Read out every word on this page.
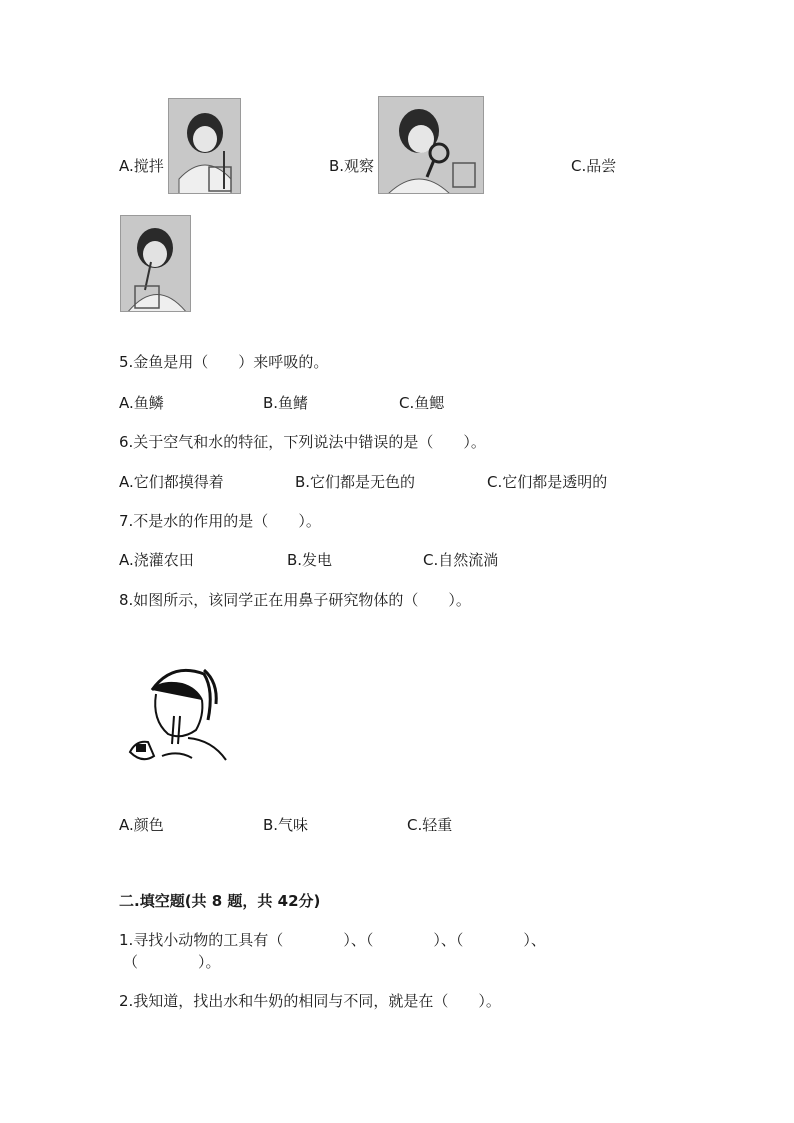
A.搅拌	B.观察	C.品尝
5.金鱼是用（　　）来呼吸的。
A.鱼鳞	B.鱼鳍	C.鱼鳃
6.关于空气和水的特征，下列说法中错误的是（　　）。
A.它们都摸得着	B.它们都是无色的	C.它们都是透明的
7.不是水的作用的是（　　）。
A.浇灌农田	B.发电	C.自然流淌
8.如图所示，该同学正在用鼻子研究物体的（　　）。
A.颜色	B.气味	C.轻重
二.填空题(共 8 题，共 42分)
1.寻找小动物的工具有（　　　　）、（　　　　）、（　　　　）、
（　　　　）。
2.我知道，找出水和牛奶的相同与不同，就是在（　　）。
